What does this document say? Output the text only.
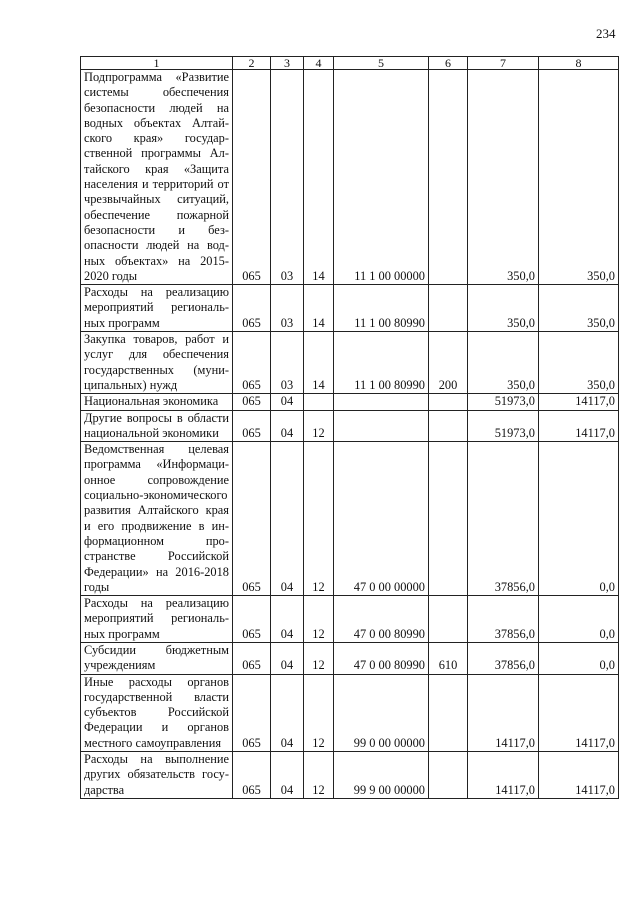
234
1	2	3	4	5	6	7	8
Подпрограмма «Развитие системы обеспечения безопасности людей на водных объектах Алтайского края» государственной программы Алтайского края «Защита населения и территорий от чрезвычайных ситуаций, обеспечение пожарной безопасности и безопасности людей на водных объектах» на 2015-2020 годы	065	03	14	11 1 00 00000		350,0	350,0
Расходы на реализацию мероприятий региональных программ	065	03	14	11 1 00 80990		350,0	350,0
Закупка товаров, работ и услуг для обеспечения государственных (муниципальных) нужд	065	03	14	11 1 00 80990	200	350,0	350,0
Национальная экономика	065	04				51973,0	14117,0
Другие вопросы в области национальной экономики	065	04	12			51973,0	14117,0
Ведомственная целевая программа «Информационное сопровождение социально-экономического развития Алтайского края и его продвижение в информационном пространстве Российской Федерации» на 2016-2018 годы	065	04	12	47 0 00 00000		37856,0	0,0
Расходы на реализацию мероприятий региональных программ	065	04	12	47 0 00 80990		37856,0	0,0
Субсидии бюджетным учреждениям	065	04	12	47 0 00 80990	610	37856,0	0,0
Иные расходы органов государственной власти субъектов Российской Федерации и органов местного самоуправления	065	04	12	99 0 00 00000		14117,0	14117,0
Расходы на выполнение других обязательств государства	065	04	12	99 9 00 00000		14117,0	14117,0
